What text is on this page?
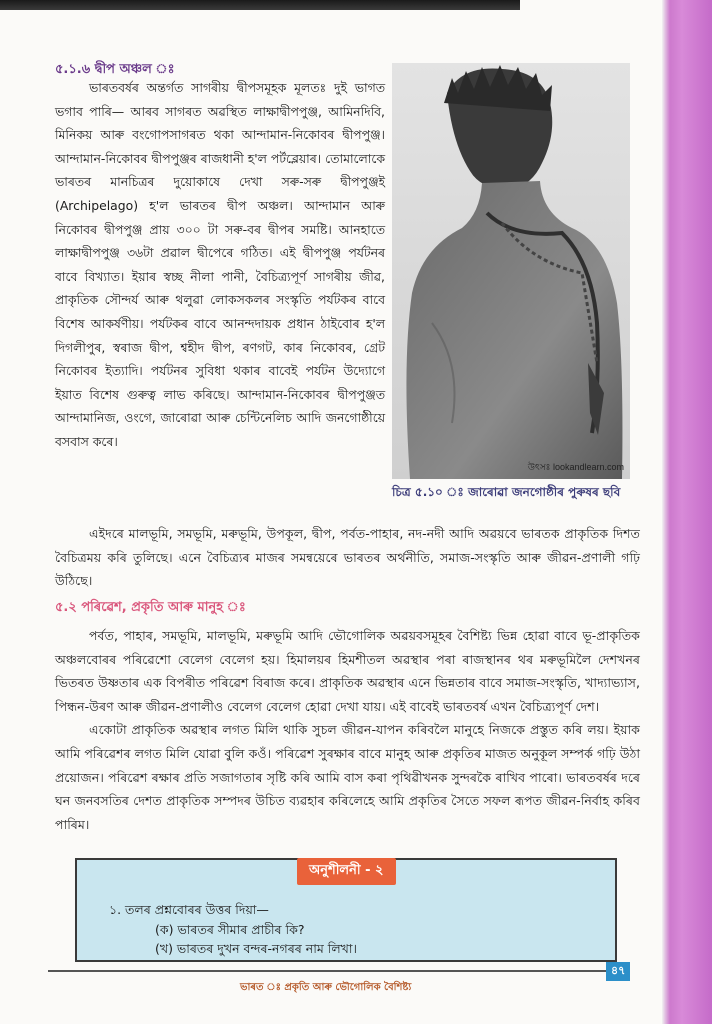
৫.১.৬ দ্বীপ অঞ্চল ঃ

ভাৰতবৰ্ষৰ অন্তৰ্গত সাগৰীয় দ্বীপসমূহক মূলতঃ দুই ভাগত ভগাব পাৰি— আৰব সাগৰত অৱস্থিত লাক্ষাদ্বীপপুঞ্জ, আমিনদিবি, মিনিকয় আৰু বংগোপসাগৰত থকা আন্দামান-নিকোবৰ দ্বীপপুঞ্জ। আন্দামান-নিকোবৰ দ্বীপপুঞ্জৰ ৰাজধানী হ'ল পৰ্টব্লেয়াৰ। তোমালোকে ভাৰতৰ মানচিত্ৰৰ দুয়োকাষে দেখা সৰু-সৰু দ্বীপপুঞ্জই (Archipelago) হ'ল ভাৰতৰ দ্বীপ অঞ্চল। আন্দামান আৰু নিকোবৰ দ্বীপপুঞ্জ প্ৰায় ৩০০ টা সৰু-বৰ দ্বীপৰ সমষ্টি। আনহাতে লাক্ষাদ্বীপপুঞ্জ ৩৬টা প্ৰৱাল দ্বীপেৰে গঠিত। এই দ্বীপপুঞ্জ পৰ্যটনৰ বাবে বিখ্যাত। ইয়াৰ স্বচ্ছ নীলা পানী, বৈচিত্ৰ্যপূৰ্ণ সাগৰীয় জীৱ, প্ৰাকৃতিক সৌন্দৰ্য আৰু থলুৱা লোকসকলৰ সংস্কৃতি পৰ্যটকৰ বাবে বিশেষ আকৰ্ষণীয়। পৰ্যটকৰ বাবে আনন্দদায়ক প্ৰধান ঠাইবোৰ হ'ল দিগলীপুৰ, স্বৰাজ দ্বীপ, শ্বহীদ দ্বীপ, ৰণগট, কাৰ নিকোবৰ, গ্ৰেট নিকোবৰ ইত্যাদি। পৰ্যটনৰ সুবিধা থকাৰ বাবেই পৰ্যটন উদ্যোগে ইয়াত বিশেষ গুৰুত্ব লাভ কৰিছে। আন্দামান-নিকোবৰ দ্বীপপুঞ্জত আন্দামানিজ, ওংগে, জাৰোৱা আৰু চেন্টিনেলিচ আদি জনগোষ্ঠীয়ে বসবাস কৰে।

উৎসঃ lookandlearn.com
চিত্ৰ ৫.১০ ঃ জাৰোৱা জনগোষ্ঠীৰ পুৰুষৰ ছবি

এইদৰে মালভূমি, সমভূমি, মৰুভূমি, উপকূল, দ্বীপ, পৰ্বত-পাহাৰ, নদ-নদী আদি অৱয়বে ভাৰতক প্ৰাকৃতিক দিশত বৈচিত্ৰময় কৰি তুলিছে। এনে বৈচিত্ৰ্যৰ মাজৰ সমন্বয়েৰে ভাৰতৰ অৰ্থনীতি, সমাজ-সংস্কৃতি আৰু জীৱন-প্ৰণালী গঢ়ি উঠিছে।

৫.২ পৰিৱেশ, প্ৰকৃতি আৰু মানুহ ঃ

পৰ্বত, পাহাৰ, সমভূমি, মালভূমি, মৰুভূমি আদি ভৌগোলিক অৱয়বসমূহৰ বৈশিষ্ট্য ভিন্ন হোৱা বাবে ভূ-প্ৰাকৃতিক অঞ্চলবোৰৰ পৰিৱেশো বেলেগ বেলেগ হয়। হিমালয়ৰ হিমশীতল অৱস্থাৰ পৰা ৰাজস্থানৰ থৰ মৰুভূমিলৈ দেশখনৰ ভিতৰত উষ্ণতাৰ এক বিপৰীত পৰিৱেশ বিৰাজ কৰে। প্ৰাকৃতিক অৱস্থাৰ এনে ভিন্নতাৰ বাবে সমাজ-সংস্কৃতি, খাদ্যাভ্যাস, পিন্ধন-উৰণ আৰু জীৱন-প্ৰণালীও বেলেগ বেলেগ হোৱা দেখা যায়। এই বাবেই ভাৰতবৰ্ষ এখন বৈচিত্ৰ্যপূৰ্ণ দেশ।

একোটা প্ৰাকৃতিক অৱস্থাৰ লগত মিলি থাকি সুচল জীৱন-যাপন কৰিবলৈ মানুহে নিজকে প্ৰস্তুত কৰি লয়। ইয়াক আমি পৰিৱেশৰ লগত মিলি যোৱা বুলি কওঁ। পৰিৱেশ সুৰক্ষাৰ বাবে মানুহ আৰু প্ৰকৃতিৰ মাজত অনুকূল সম্পৰ্ক গঢ়ি উঠা প্ৰয়োজন। পৰিৱেশ ৰক্ষাৰ প্ৰতি সজাগতাৰ সৃষ্টি কৰি আমি বাস কৰা পৃথিৱীখনক সুন্দৰকৈ ৰাখিব পাৰো। ভাৰতবৰ্ষৰ দৰে ঘন জনবসতিৰ দেশত প্ৰাকৃতিক সম্পদৰ উচিত ব্যৱহাৰ কৰিলেহে আমি প্ৰকৃতিৰ সৈতে সফল ৰূপত জীৱন-নিৰ্বাহ কৰিব পাৰিম।

অনুশীলনী - ২
১. তলৰ প্ৰশ্নবোৰৰ উত্তৰ দিয়া—
(ক) ভাৰতৰ সীমাৰ প্ৰাচীৰ কি?
(খ) ভাৰতৰ দুখন বন্দৰ-নগৰৰ নাম লিখা।
৪৭
ভাৰত ঃ প্ৰকৃতি আৰু ভৌগোলিক বৈশিষ্ট্য
